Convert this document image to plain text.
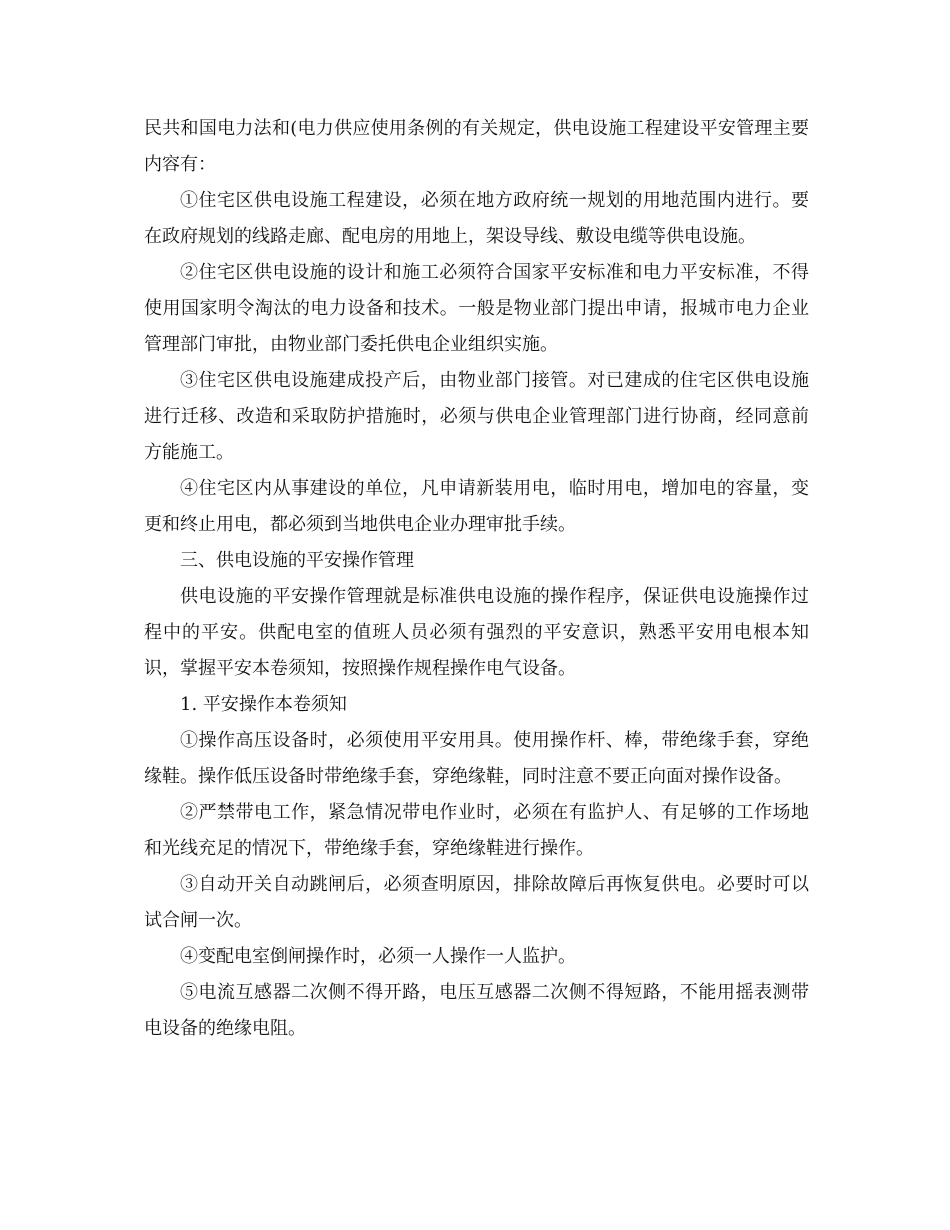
民共和国电力法和(电力供应使用条例的有关规定，供电设施工程建设平安管理主要内容有：

①住宅区供电设施工程建设，必须在地方政府统一规划的用地范围内进行。要在政府规划的线路走廊、配电房的用地上，架设导线、敷设电缆等供电设施。

②住宅区供电设施的设计和施工必须符合国家平安标准和电力平安标准，不得使用国家明令淘汰的电力设备和技术。一般是物业部门提出申请，报城市电力企业管理部门审批，由物业部门委托供电企业组织实施。

③住宅区供电设施建成投产后，由物业部门接管。对已建成的住宅区供电设施进行迁移、改造和采取防护措施时，必须与供电企业管理部门进行协商，经同意前方能施工。

④住宅区内从事建设的单位，凡申请新装用电，临时用电，增加电的容量，变更和终止用电，都必须到当地供电企业办理审批手续。

三、供电设施的平安操作管理

供电设施的平安操作管理就是标准供电设施的操作程序，保证供电设施操作过程中的平安。供配电室的值班人员必须有强烈的平安意识，熟悉平安用电根本知识，掌握平安本卷须知，按照操作规程操作电气设备。

1. 平安操作本卷须知

①操作高压设备时，必须使用平安用具。使用操作杆、棒，带绝缘手套，穿绝缘鞋。操作低压设备时带绝缘手套，穿绝缘鞋，同时注意不要正向面对操作设备。

②严禁带电工作，紧急情况带电作业时，必须在有监护人、有足够的工作场地和光线充足的情况下，带绝缘手套，穿绝缘鞋进行操作。

③自动开关自动跳闸后，必须查明原因，排除故障后再恢复供电。必要时可以试合闸一次。

④变配电室倒闸操作时，必须一人操作一人监护。

⑤电流互感器二次侧不得开路，电压互感器二次侧不得短路，不能用摇表测带电设备的绝缘电阻。
